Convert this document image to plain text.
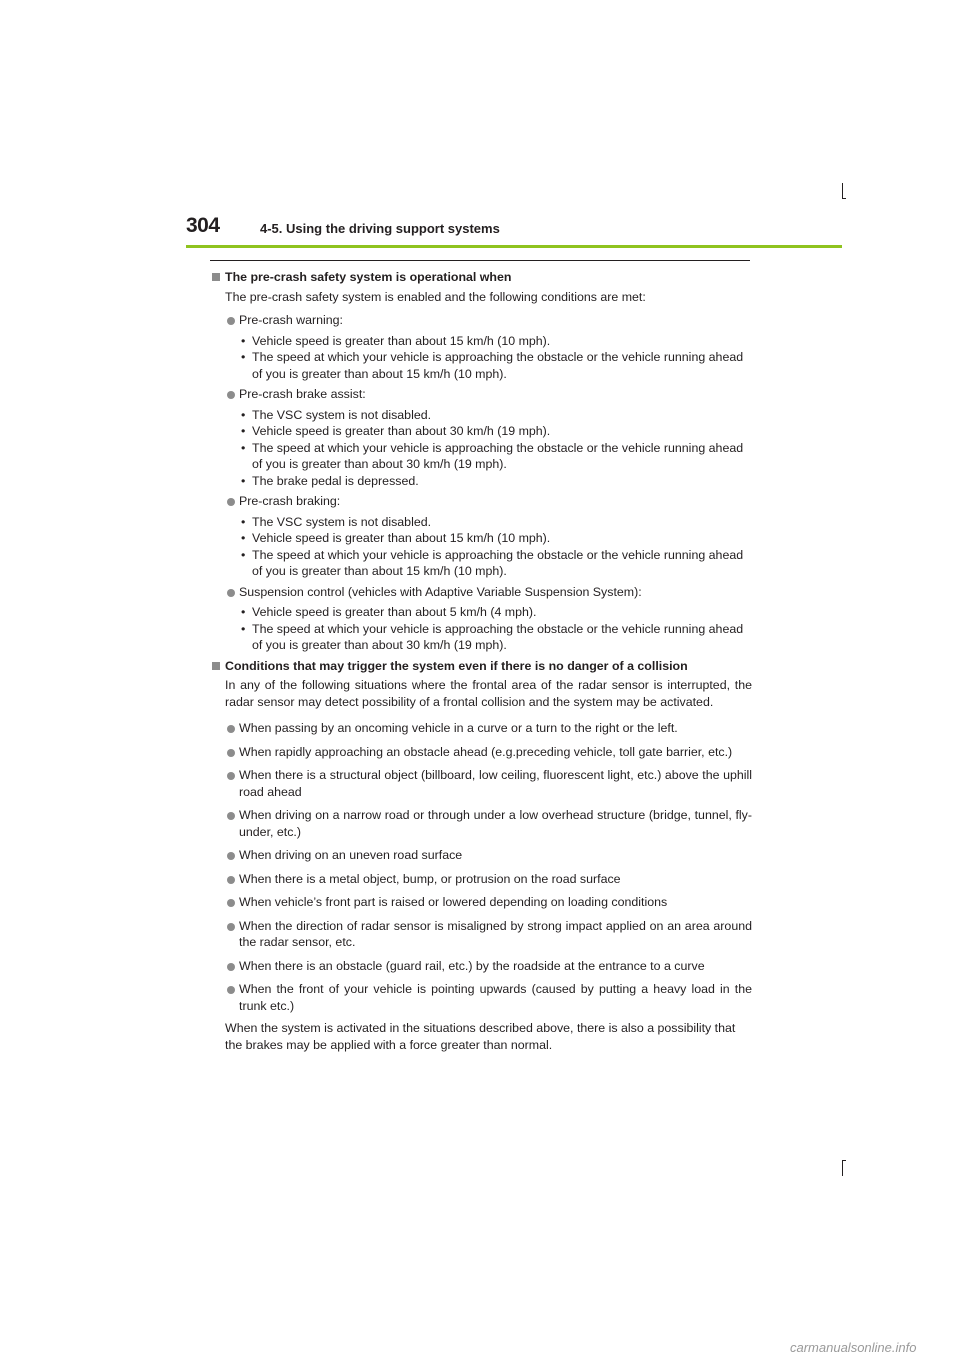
304	4-5. Using the driving support systems
The pre-crash safety system is operational when
The pre-crash safety system is enabled and the following conditions are met:
Pre-crash warning:
• Vehicle speed is greater than about 15 km/h (10 mph).
• The speed at which your vehicle is approaching the obstacle or the vehicle running ahead of you is greater than about 15 km/h (10 mph).
Pre-crash brake assist:
• The VSC system is not disabled.
• Vehicle speed is greater than about 30 km/h (19 mph).
• The speed at which your vehicle is approaching the obstacle or the vehicle running ahead of you is greater than about 30 km/h (19 mph).
• The brake pedal is depressed.
Pre-crash braking:
• The VSC system is not disabled.
• Vehicle speed is greater than about 15 km/h (10 mph).
• The speed at which your vehicle is approaching the obstacle or the vehicle running ahead of you is greater than about 15 km/h (10 mph).
Suspension control (vehicles with Adaptive Variable Suspension System):
• Vehicle speed is greater than about 5 km/h (4 mph).
• The speed at which your vehicle is approaching the obstacle or the vehicle running ahead of you is greater than about 30 km/h (19 mph).
Conditions that may trigger the system even if there is no danger of a collision
In any of the following situations where the frontal area of the radar sensor is interrupted, the radar sensor may detect possibility of a frontal collision and the system may be activated.
When passing by an oncoming vehicle in a curve or a turn to the right or the left.
When rapidly approaching an obstacle ahead (e.g.preceding vehicle, toll gate barrier, etc.)
When there is a structural object (billboard, low ceiling, fluorescent light, etc.) above the uphill road ahead
When driving on a narrow road or through under a low overhead structure (bridge, tunnel, fly-under, etc.)
When driving on an uneven road surface
When there is a metal object, bump, or protrusion on the road surface
When vehicle’s front part is raised or lowered depending on loading conditions
When the direction of radar sensor is misaligned by strong impact applied on an area around the radar sensor, etc.
When there is an obstacle (guard rail, etc.) by the roadside at the entrance to a curve
When the front of your vehicle is pointing upwards (caused by putting a heavy load in the trunk etc.)
When the system is activated in the situations described above, there is also a possibility that the brakes may be applied with a force greater than normal.
carmanualsonline.info
